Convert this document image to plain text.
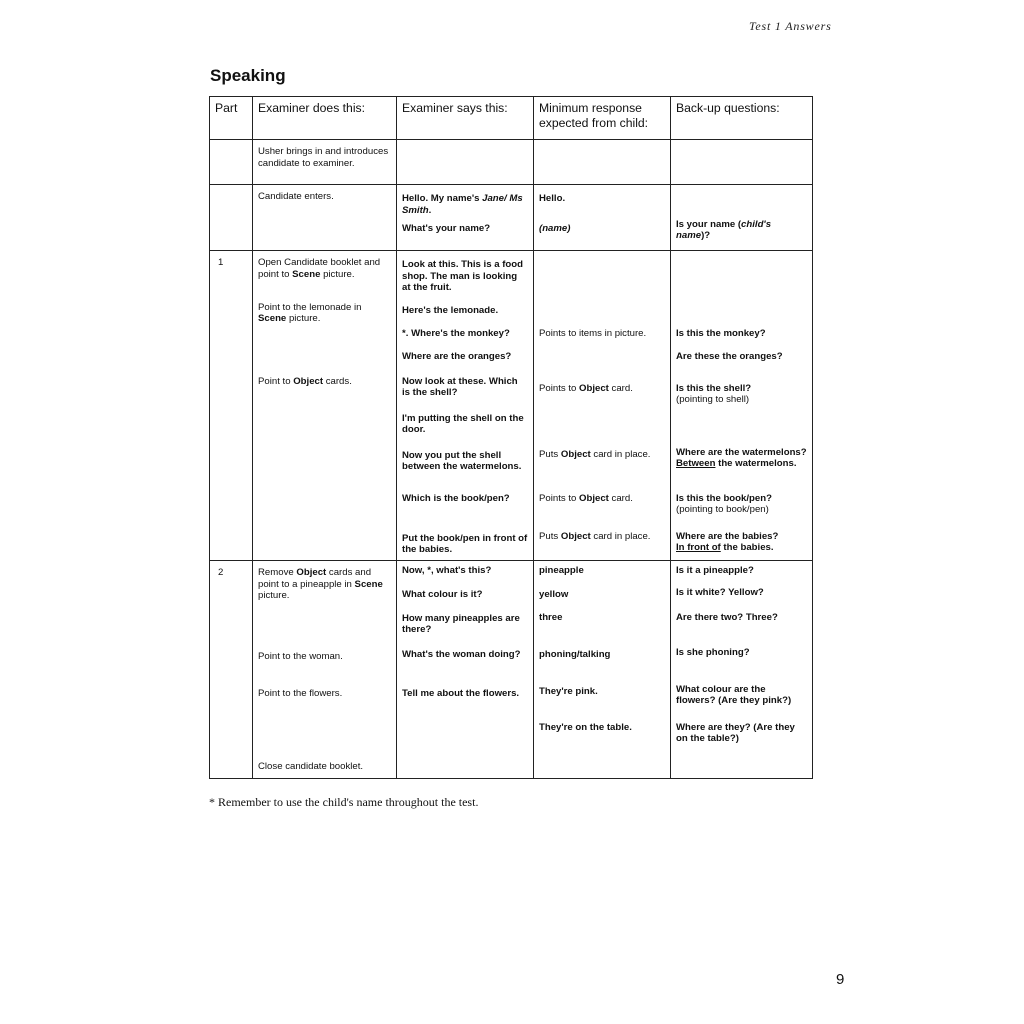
Test 1 Answers
Speaking
Part	Examiner does this:	Examiner says this:	Minimum response expected from child:	Back-up questions:
	Usher brings in and introduces candidate to examiner.			
	Candidate enters.	Hello. My name's Jane/ Ms Smith.	Hello.	
		What's your name?	(name)	Is your name (child's name)?
1	Open Candidate booklet and point to Scene picture.	Look at this. This is a food shop. The man is looking at the fruit.		
	Point to the lemonade in Scene picture.	Here's the lemonade.		
		*. Where's the monkey?	Points to items in picture.	Is this the monkey?
		Where are the oranges?		Are these the oranges?
	Point to Object cards.	Now look at these. Which is the shell?	Points to Object card.	Is this the shell?
(pointing to shell)

		I'm putting the shell on the door.		
		Now you put the shell between the watermelons.	Puts Object card in place.	Where are the watermelons?
Between the watermelons.

		Which is the book/pen?	Points to Object card.	Is this the book/pen?
(pointing to book/pen)

		Put the book/pen in front of the babies.	Puts Object card in place.	Where are the babies?
In front of the babies.

2	Remove Object cards and point to a pineapple in Scene picture.	Now, *, what's this?	pineapple	Is it a pineapple?
		What colour is it?	yellow	Is it white? Yellow?
		How many pineapples are there?	three	Are there two? Three?
	Point to the woman.	What's the woman doing?	phoning/talking	Is she phoning?
	Point to the flowers.	Tell me about the flowers.	They're pink.	What colour are the flowers? (Are they pink?)
			They're on the table.	Where are they? (Are they on the table?)
	Close candidate booklet.			
* Remember to use the child's name throughout the test.
9
